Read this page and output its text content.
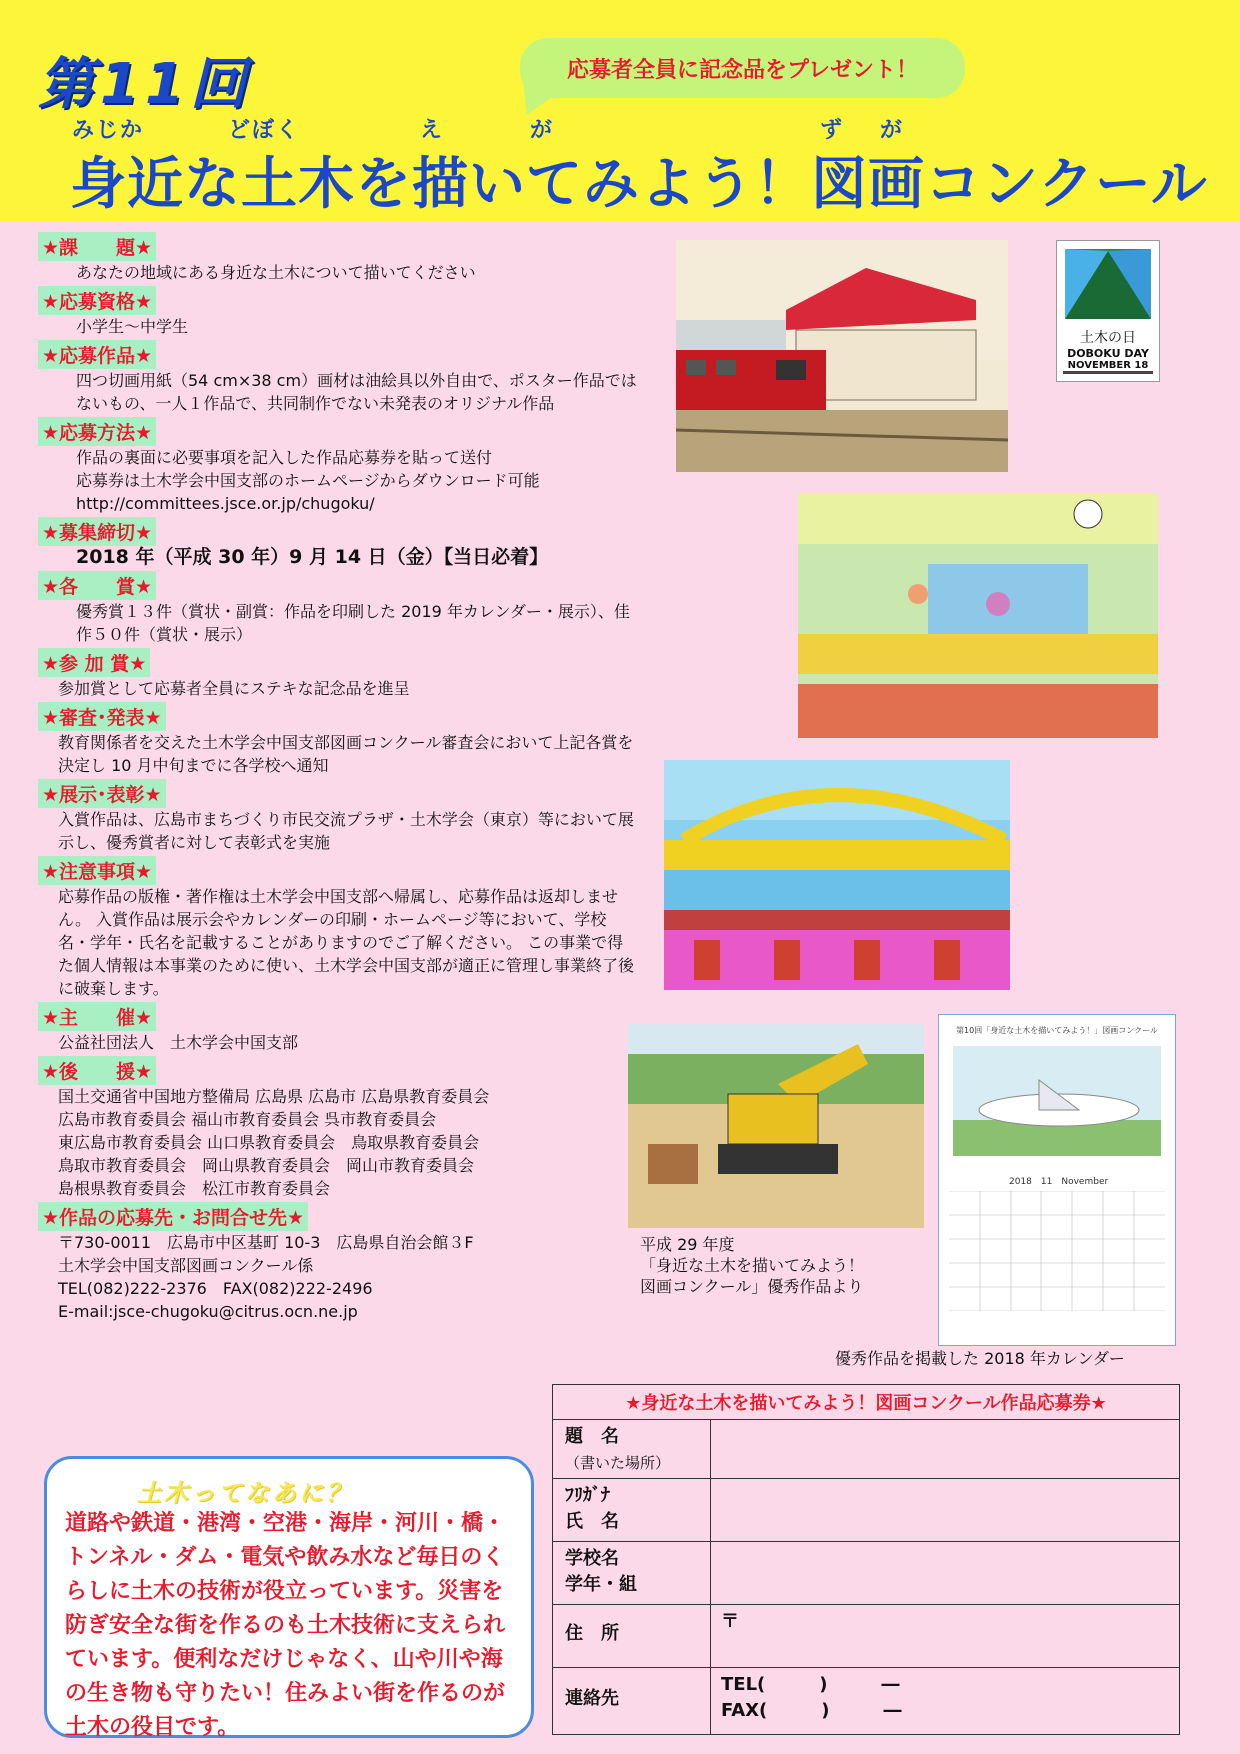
第11回	応募者全員に記念品をプレゼント！
みじか	どぼく	え	が	ず が
身近な土木を描いてみよう！図画コンクール
★課　　題★
あなたの地域にある身近な土木について描いてください
★応募資格★
小学生～中学生
★応募作品★
四つ切画用紙（54 cm×38 cm）画材は油絵具以外自由で、ポスター作品ではないもの、一人１作品で、共同制作でない未発表のオリジナル作品
★応募方法★
作品の裏面に必要事項を記入した作品応募券を貼って送付
応募券は土木学会中国支部のホームページからダウンロード可能　http://committees.jsce.or.jp/chugoku/
★募集締切★
2018 年（平成 30 年）9 月 14 日（金）【当日必着】
★各　　賞★
優秀賞１３件（賞状・副賞：作品を印刷した 2019 年カレンダー・展示）、佳作５０件（賞状・展示）
★参 加 賞★
参加賞として応募者全員にステキな記念品を進呈
★審査･発表★
教育関係者を交えた土木学会中国支部図画コンクール審査会において上記各賞を決定し 10 月中旬までに各学校へ通知
★展示･表彰★
入賞作品は、広島市まちづくり市民交流プラザ・土木学会（東京）等において展示し、優秀賞者に対して表彰式を実施
★注意事項★
応募作品の版権・著作権は土木学会中国支部へ帰属し、応募作品は返却しません。 入賞作品は展示会やカレンダーの印刷・ホームページ等において、学校名・学年・氏名を記載することがありますのでご了解ください。 この事業で得た個人情報は本事業のために使い、土木学会中国支部が適正に管理し事業終了後に破棄します。
★主　　催★
公益社団法人　土木学会中国支部
★後　　援★
国土交通省中国地方整備局 広島県 広島市 広島県教育委員会
広島市教育委員会 福山市教育委員会 呉市教育委員会
東広島市教育委員会 山口県教育委員会　鳥取県教育委員会
鳥取市教育委員会　岡山県教育委員会　岡山市教育委員会
島根県教育委員会　松江市教育委員会
★作品の応募先・お問合せ先★
〒730-0011　広島市中区基町 10-3　広島県自治会館３F
土木学会中国支部図画コンクール係
TEL(082)222-2376　FAX(082)222-2496
E-mail:jsce-chugoku@citrus.ocn.ne.jp
土木の日
DOBOKU DAY
NOVEMBER 18
第10回「身近な土木を描いてみよう！」図画コンクール
2018　11　November
平成 29 年度
「身近な土木を描いてみよう！
図画コンクール」優秀作品より
優秀作品を掲載した 2018 年カレンダー
★身近な土木を描いてみよう！図画コンクール作品応募券★
題　名
（書いた場所）
ﾌﾘｶﾞﾅ
氏　名
学校名
学年・組
住　所
〒
連絡先
TEL(　　　)　　　―
FAX(　　　)　　　―
土木ってなあに？
道路や鉄道・港湾・空港・海岸・河川・橋・トンネル・ダム・電気や飲み水など毎日のくらしに土木の技術が役立っています。災害を防ぎ安全な街を作るのも土木技術に支えられています。便利なだけじゃなく、山や川や海の生き物も守りたい！住みよい街を作るのが土木の役目です。
